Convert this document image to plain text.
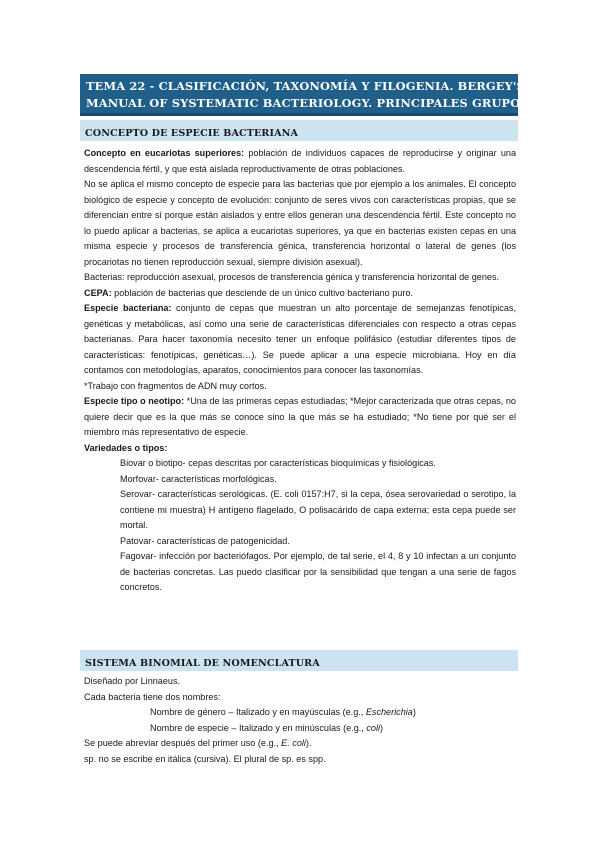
TEMA 22 - CLASIFICACIÓN, TAXONOMÍA Y FILOGENIA. BERGEY'S
MANUAL OF SYSTEMATIC BACTERIOLOGY. PRINCIPALES GRUPOS.
CONCEPTO DE ESPECIE BACTERIANA

Concepto en eucariotas superiores: población de individuos capaces de reproducirse y originar una descendencia fértil, y que está aislada reproductivamente de otras poblaciones.

No se aplica el mismo concepto de especie para las bacterias que por ejemplo a los animales. El concepto biológico de especie y concepto de evolución: conjunto de seres vivos con características propias, que se diferencian entre sí porque están aislados y entre ellos generan una descendencia fértil. Este concepto no lo puedo aplicar a bacterias, se aplica a eucariotas superiores, ya que en bacterias existen cepas en una misma especie y procesos de transferencia génica, transferencia horizontal o lateral de genes (los procariotas no tienen reproducción sexual, siempre división asexual).

Bacterias: reproducción asexual, procesos de transferencia génica y transferencia horizontal de genes.

CEPA: población de bacterias que desciende de un único cultivo bacteriano puro.

Especie bacteriana: conjunto de cepas que muestran un alto porcentaje de semejanzas fenotípicas, genéticas y metabólicas, así como una serie de características diferenciales con respecto a otras cepas bacterianas. Para hacer taxonomía necesito tener un enfoque polifásico (estudiar diferentes tipos de características: fenotípicas, genéticas…). Se puede aplicar a una especie microbiana. Hoy en día contamos con metodologías, aparatos, conocimientos para conocer las taxonomías.

*Trabajo con fragmentos de ADN muy cortos.

Especie tipo o neotipo: *Una de las primeras cepas estudiadas; *Mejor caracterizada que otras cepas, no quiere decir que es la que más se conoce sino la que más se ha estudiado; *No tiene por qué ser el miembro más representativo de especie.

Variedades o tipos:

Biovar o biotipo- cepas descritas por características bioquímicas y fisiológicas.

Morfovar- características morfológicas.

Serovar- características serológicas. (E. coli 0157:H7, si la cepa, ósea serovariedad o serotipo, la contiene mi muestra) H antígeno flagelado, O polisacárido de capa externa; esta cepa puede ser mortal.

Patovar- características de patogenicidad.

Fagovar- infección por bacteriófagos. Por ejemplo, de tal serie, el 4, 8 y 10 infectan a un conjunto de bacterias concretas. Las puedo clasificar por la sensibilidad que tengan a una serie de fagos concretos.

SISTEMA BINOMIAL DE NOMENCLATURA

Diseñado por Linnaeus.

Cada bacteria tiene dos nombres:

Nombre de género – Italizado y en mayúsculas (e.g., Escherichia)

Nombre de especie – Italizado y en minúsculas (e.g., coli)

Se puede abreviar después del primer uso (e.g., E. coli).

sp. no se escribe en itálica (cursiva). El plural de sp. es spp.
